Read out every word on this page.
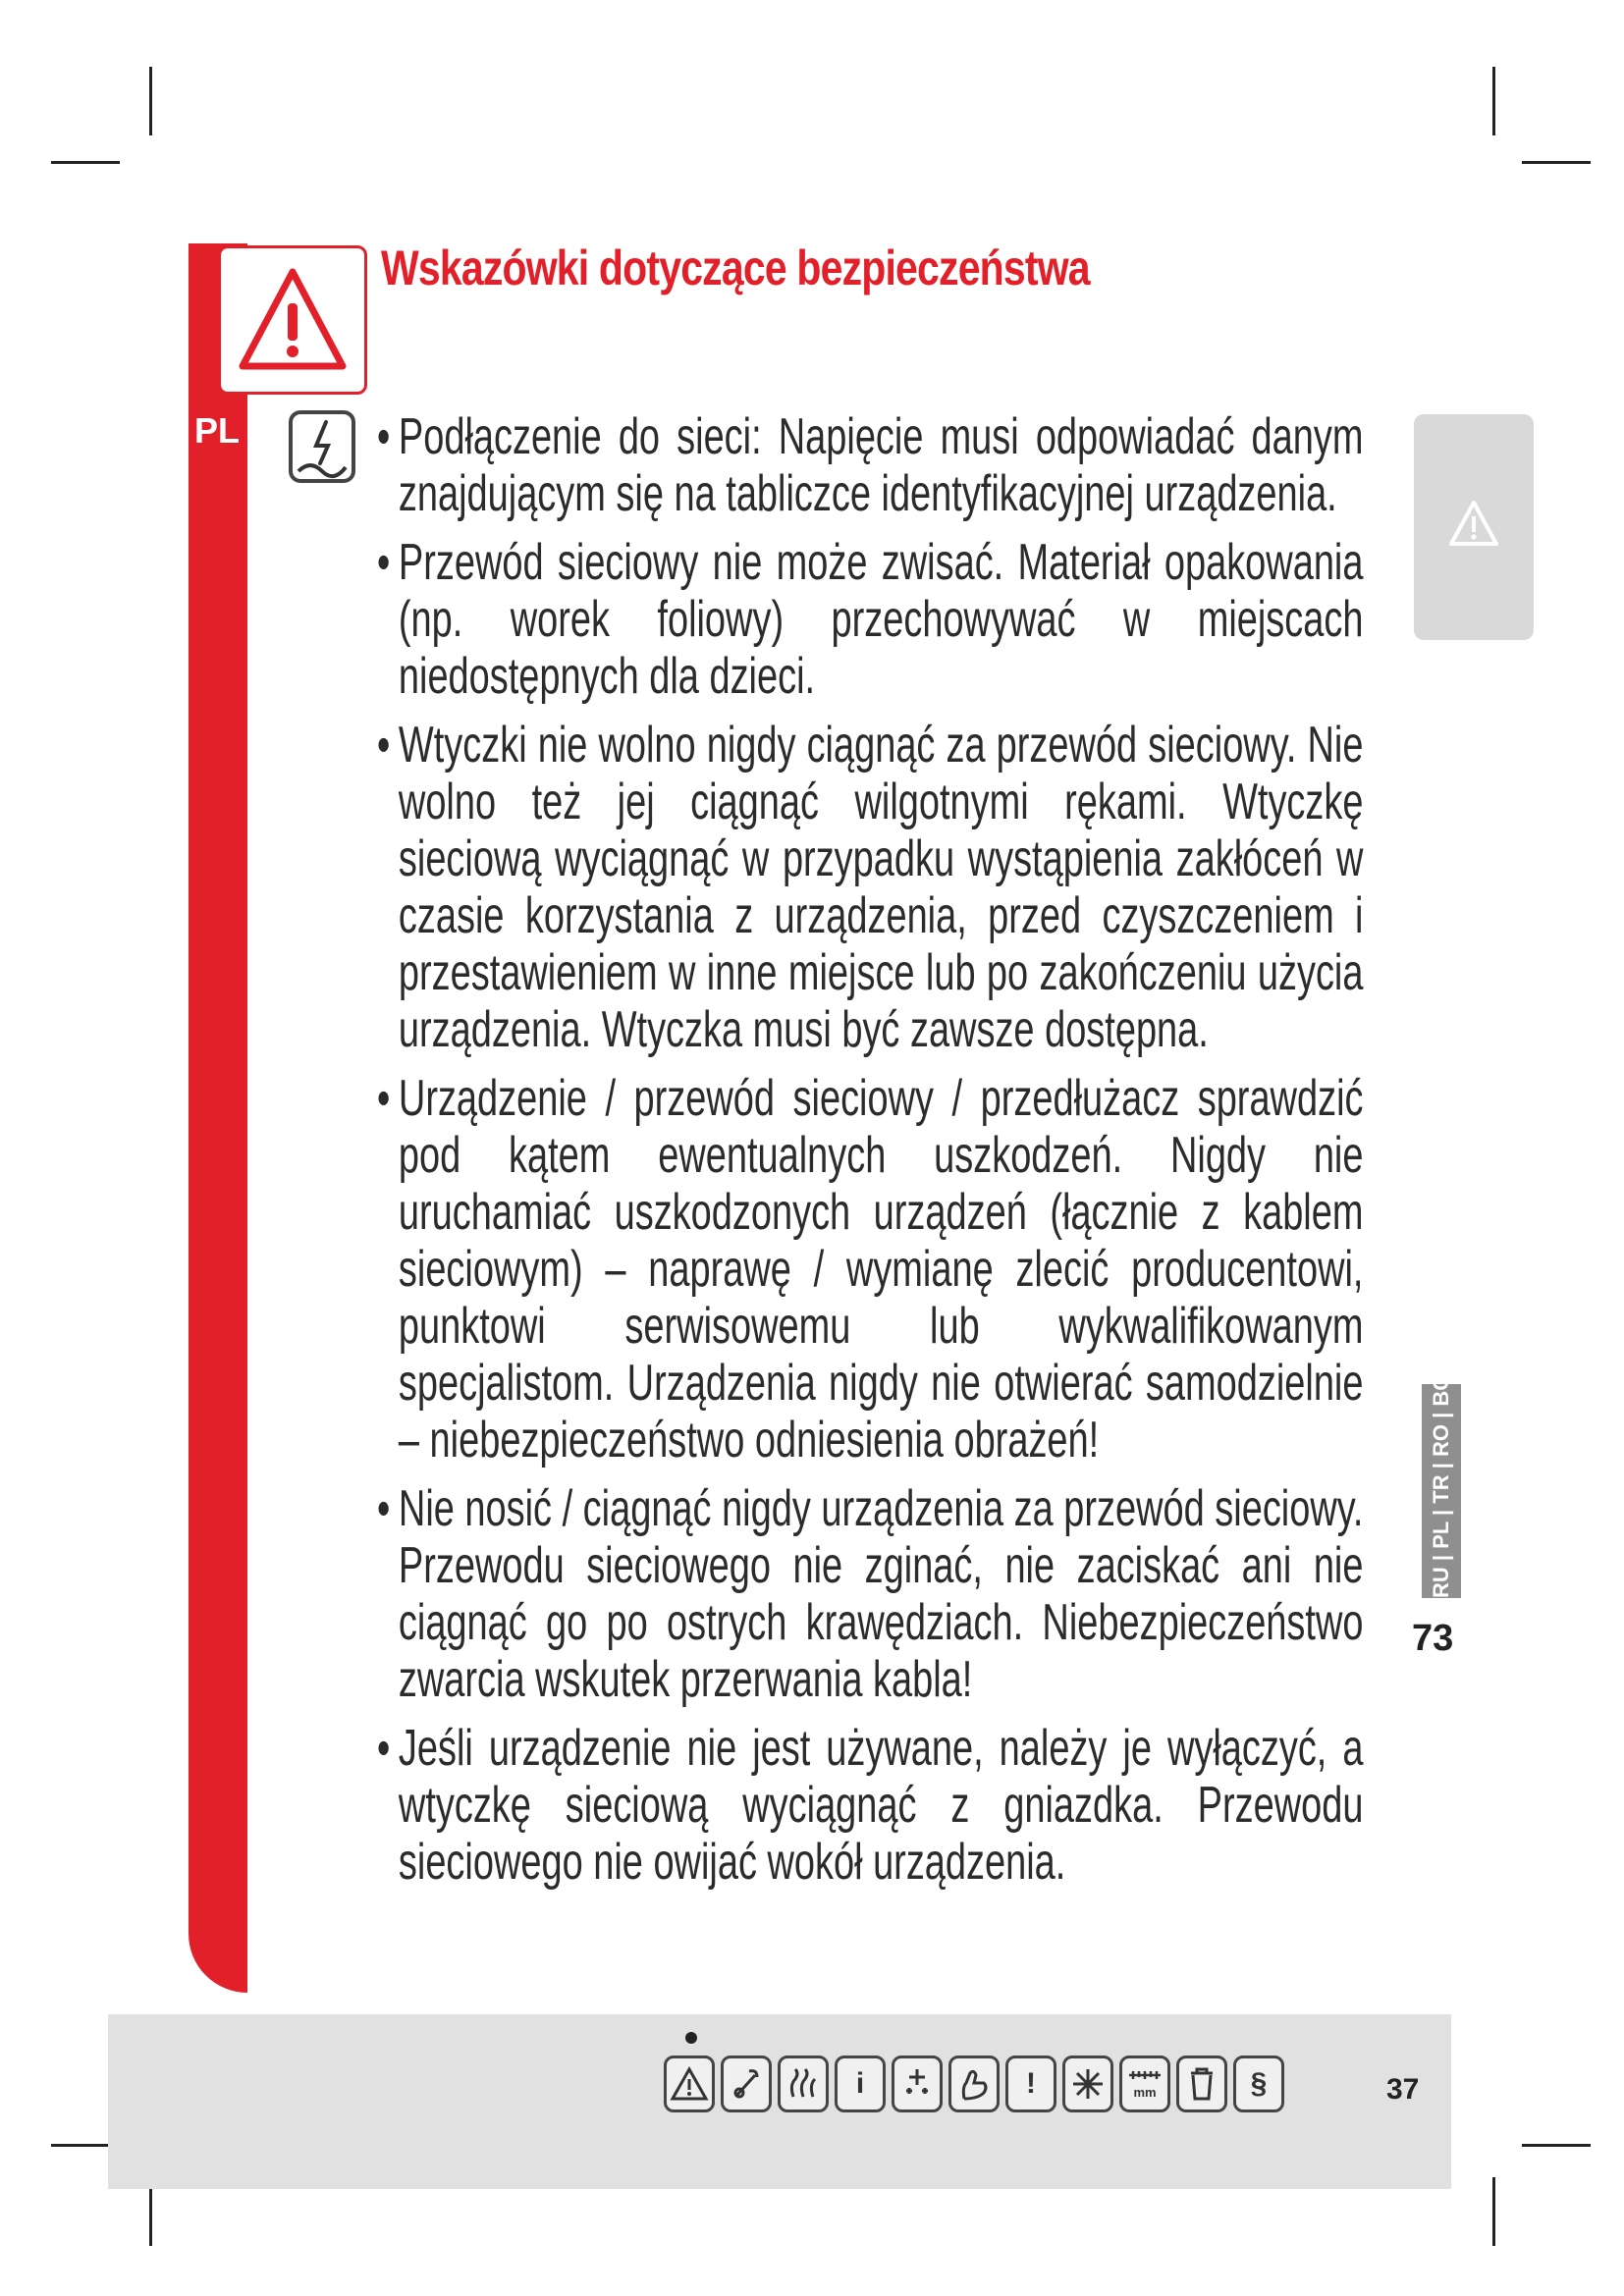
PL
Wskazówki dotyczące bezpieczeństwa
• Podłączenie do sieci: Napięcie musi odpowiadać danym znajdującym się na tabliczce identyfikacyjnej urządzenia.
• Przewód sieciowy nie może zwisać. Materiał opakowania (np. worek foliowy) przechowywać w miejscach niedostępnych dla dzieci.
• Wtyczki nie wolno nigdy ciągnąć za przewód sieciowy. Nie wolno też jej ciągnąć wilgotnymi rękami. Wtyczkę sieciową wyciągnąć w przypadku wystąpienia zakłóceń w czasie korzystania z urządzenia, przed czyszczeniem i przestawieniem w inne miejsce lub po zakończeniu użycia urządzenia. Wtyczka musi być zawsze dostępna.
• Urządzenie / przewód sieciowy / przedłużacz sprawdzić pod kątem ewentualnych uszkodzeń. Nigdy nie uruchamiać uszkodzonych urządzeń (łącznie z kablem sieciowym) – naprawę / wymianę zlecić producentowi, punktowi serwisowemu lub wykwalifikowanym specjalistom. Urządzenia nigdy nie otwierać samodzielnie – niebezpieczeństwo odniesienia obrażeń!
• Nie nosić / ciągnąć nigdy urządzenia za przewód sieciowy. Przewodu sieciowego nie zginać, nie zaciskać ani nie ciągnąć go po ostrych krawędziach. Niebezpieczeństwo zwarcia wskutek przerwania kabla!
• Jeśli urządzenie nie jest używane, należy je wyłączyć, a wtyczkę sieciową wyciągnąć z gniazdka. Przewodu sieciowego nie owijać wokół urządzenia.
RU | PL | TR | RO | BG
73
i	!	mm	§	37
